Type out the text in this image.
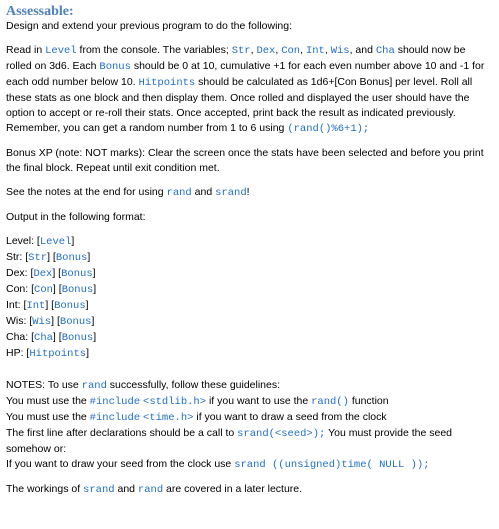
Assessable:

Design and extend your previous program to do the following:

Read in Level from the console. The variables; Str, Dex, Con, Int, Wis, and Cha should now be rolled on 3d6. Each Bonus should be 0 at 10, cumulative +1 for each even number above 10 and -1 for each odd number below 10. Hitpoints should be calculated as 1d6+[Con Bonus] per level. Roll all these stats as one block and then display them. Once rolled and displayed the user should have the option to accept or re-roll their stats. Once accepted, print back the result as indicated previously. Remember, you can get a random number from 1 to 6 using (rand()%6+1);

Bonus XP (note: NOT marks): Clear the screen once the stats have been selected and before you print the final block. Repeat until exit condition met.

See the notes at the end for using rand and srand!

Output in the following format:

Level: [Level]

Str: [Str] [Bonus]

Dex: [Dex] [Bonus]

Con: [Con] [Bonus]

Int: [Int] [Bonus]

Wis: [Wis] [Bonus]

Cha: [Cha] [Bonus]

HP: [Hitpoints]

NOTES: To use rand successfully, follow these guidelines:

You must use the #include <stdlib.h> if you want to use the rand() function

You must use the #include <time.h> if you want to draw a seed from the clock

The first line after declarations should be a call to srand(<seed>); You must provide the seed somehow or:

If you want to draw your seed from the clock use srand ((unsigned)time( NULL ));

The workings of srand and rand are covered in a later lecture.
